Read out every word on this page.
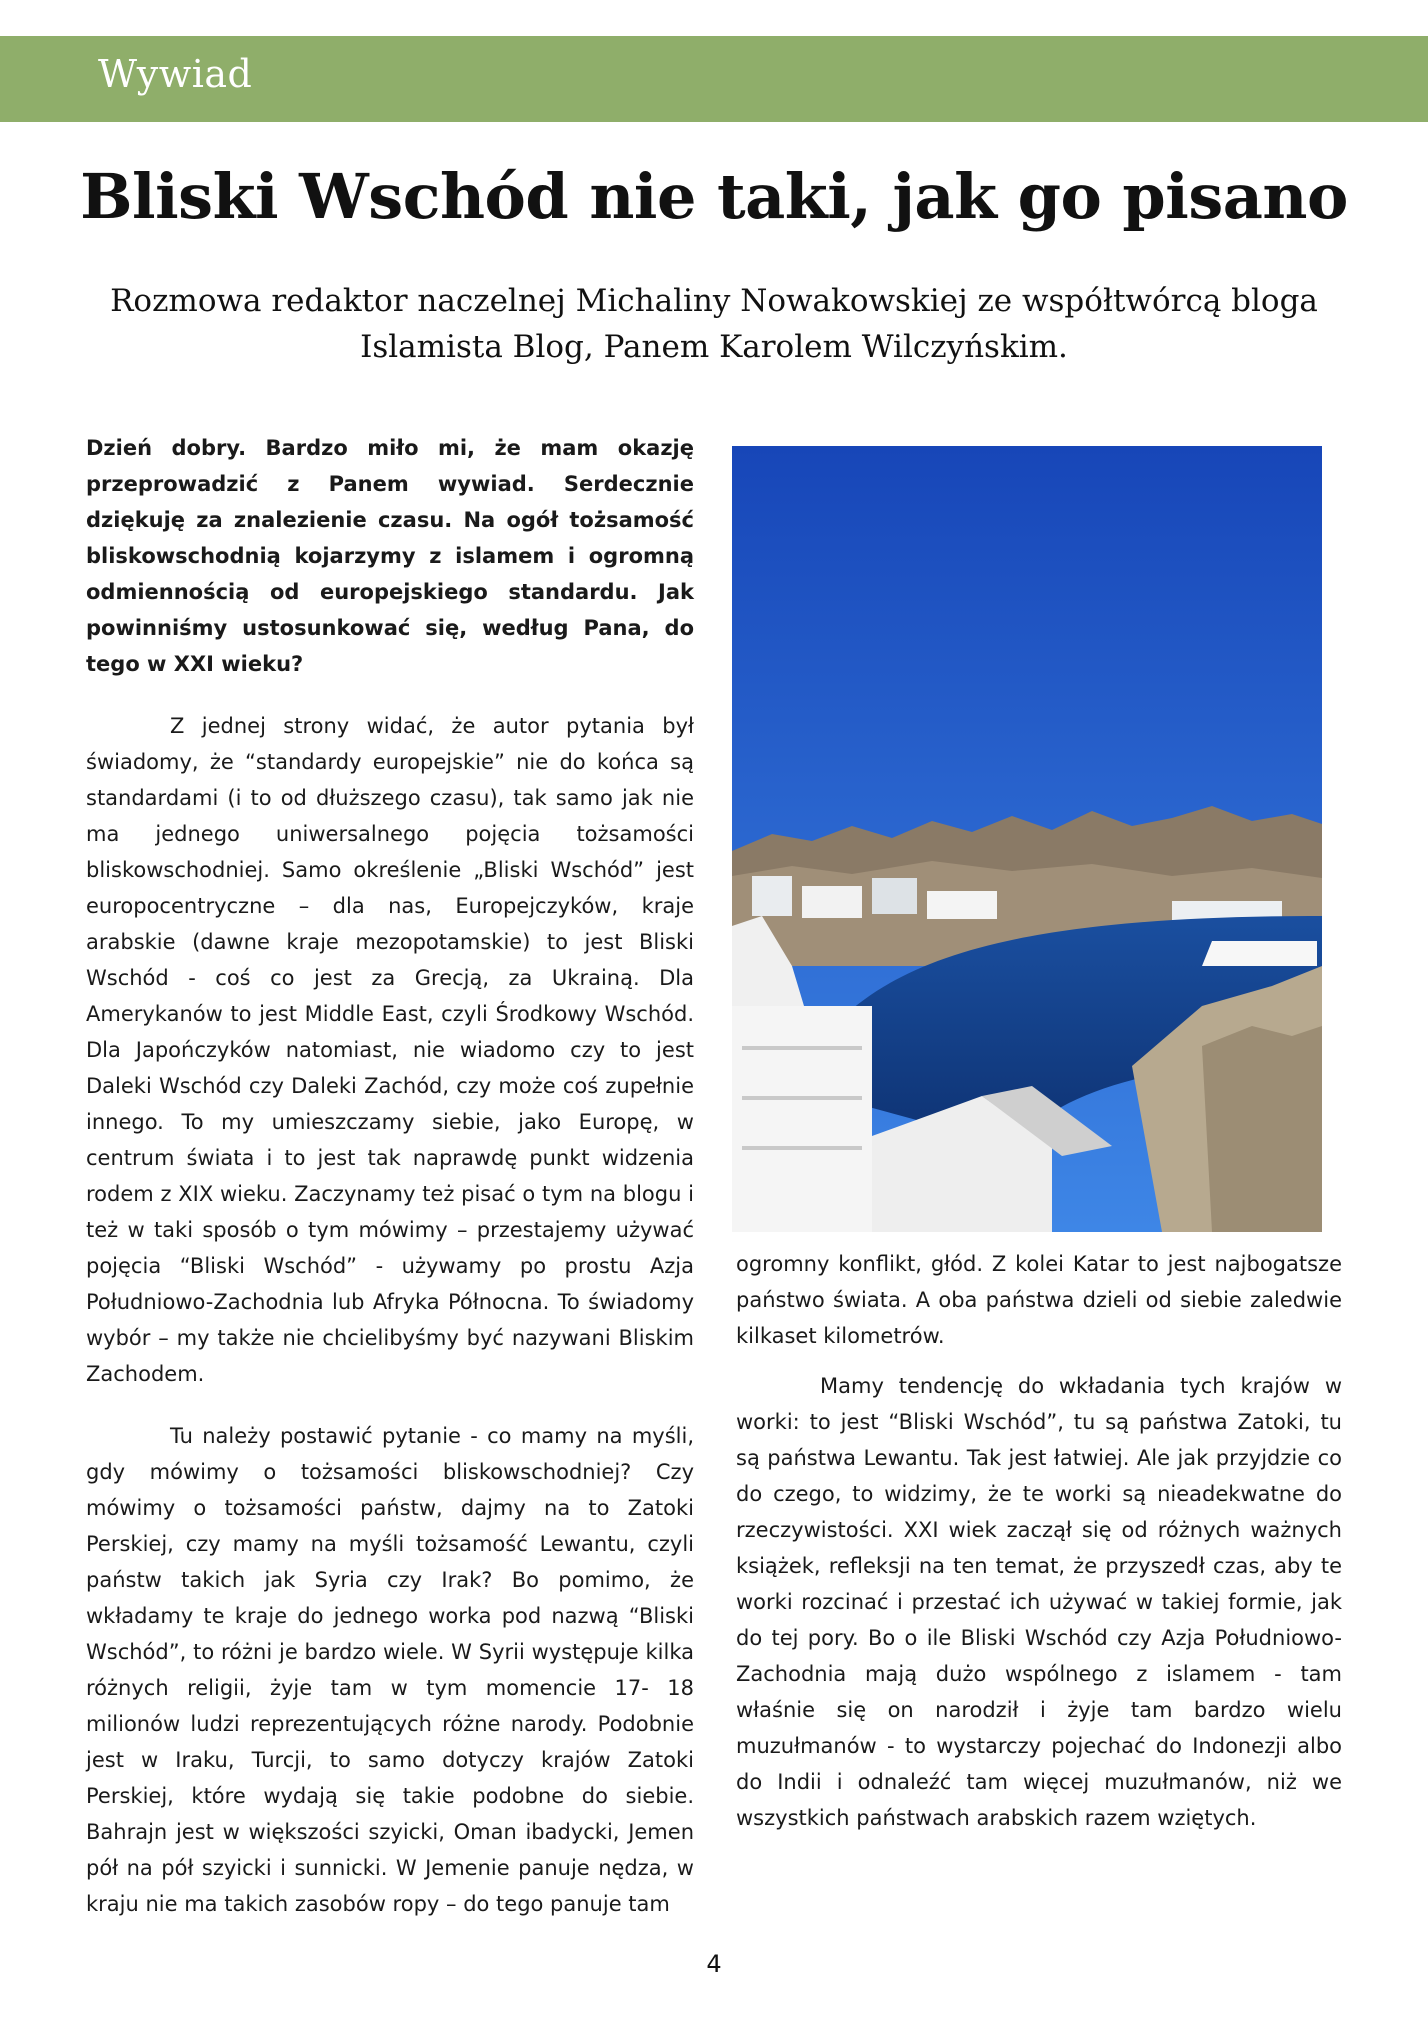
Wywiad
Bliski Wschód nie taki, jak go pisano

Rozmowa redaktor naczelnej Michaliny Nowakowskiej ze współtwórcą bloga Islamista Blog, Panem Karolem Wilczyńskim.

Dzień dobry. Bardzo miło mi, że mam okazję przeprowadzić z Panem wywiad. Serdecznie dziękuję za znalezienie czasu. Na ogół tożsamość bliskowschodnią kojarzymy z islamem i ogromną odmiennością od europejskiego standardu. Jak powinniśmy ustosunkować się, według Pana, do tego w XXI wieku?

Z jednej strony widać, że autor pytania był świadomy, że “standardy europejskie” nie do końca są standardami (i to od dłuższego czasu), tak samo jak nie ma jednego uniwersalnego pojęcia tożsamości bliskowschodniej. Samo określenie „Bliski Wschód” jest europocentryczne – dla nas, Europejczyków, kraje arabskie (dawne kraje mezopotamskie) to jest Bliski Wschód - coś co jest za Grecją, za Ukrainą. Dla Amerykanów to jest Middle East, czyli Środkowy Wschód. Dla Japończyków natomiast, nie wiadomo czy to jest Daleki Wschód czy Daleki Zachód, czy może coś zupełnie innego. To my umieszczamy siebie, jako Europę, w centrum świata i to jest tak naprawdę punkt widzenia rodem z XIX wieku. Zaczynamy też pisać o tym na blogu i też w taki sposób o tym mówimy – przestajemy używać pojęcia “Bliski Wschód” - używamy po prostu Azja Południowo-Zachodnia lub Afryka Północna. To świadomy wybór – my także nie chcielibyśmy być nazywani Bliskim Zachodem.

Tu należy postawić pytanie - co mamy na myśli, gdy mówimy o tożsamości bliskowschodniej? Czy mówimy o tożsamości państw, dajmy na to Zatoki Perskiej, czy mamy na myśli tożsamość Lewantu, czyli państw takich jak Syria czy Irak? Bo pomimo, że wkładamy te kraje do jednego worka pod nazwą “Bliski Wschód”, to różni je bardzo wiele. W Syrii występuje kilka różnych religii, żyje tam w tym momencie 17- 18 milionów ludzi reprezentujących różne narody. Podobnie jest w Iraku, Turcji, to samo dotyczy krajów Zatoki Perskiej, które wydają się takie podobne do siebie. Bahrajn jest w większości szyicki, Oman ibadycki, Jemen pół na pół szyicki i sunnicki. W Jemenie panuje nędza, w kraju nie ma takich zasobów ropy – do tego panuje tam

ogromny konflikt, głód. Z kolei Katar to jest najbogatsze państwo świata. A oba państwa dzieli od siebie zaledwie kilkaset kilometrów.

Mamy tendencję do wkładania tych krajów w worki: to jest “Bliski Wschód”, tu są państwa Zatoki, tu są państwa Lewantu. Tak jest łatwiej. Ale jak przyjdzie co do czego, to widzimy, że te worki są nieadekwatne do rzeczywistości. XXI wiek zaczął się od różnych ważnych książek, refleksji na ten temat, że przyszedł czas, aby te worki rozcinać i przestać ich używać w takiej formie, jak do tej pory. Bo o ile Bliski Wschód czy Azja Południowo-Zachodnia mają dużo wspólnego z islamem - tam właśnie się on narodził i żyje tam bardzo wielu muzułmanów - to wystarczy pojechać do Indonezji albo do Indii i odnaleźć tam więcej muzułmanów, niż we wszystkich państwach arabskich razem wziętych.

4
